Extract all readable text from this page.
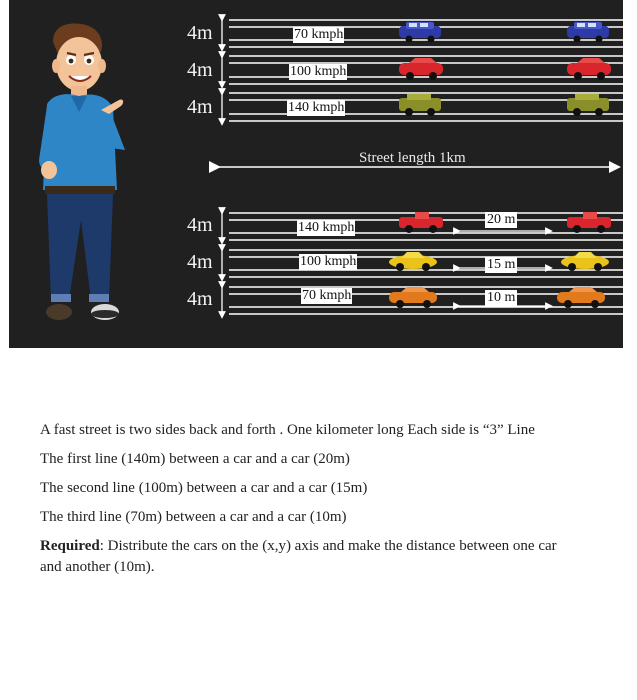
4m
4m
4m
4m
4m
4m
70 kmph
100 kmph
140 kmph
Street length 1km
140 kmph
100 kmph
70 kmph
20 m
15 m
10 m

A fast street is two sides back and forth . One kilometer long Each side is “3” Line

The first line (140m) between a car and a car (20m)

The second line (100m) between a car and a car (15m)

The third line (70m) between a car and a car (10m)

Required: Distribute the cars on the (x,y) axis and make the distance between one car and another (10m).
